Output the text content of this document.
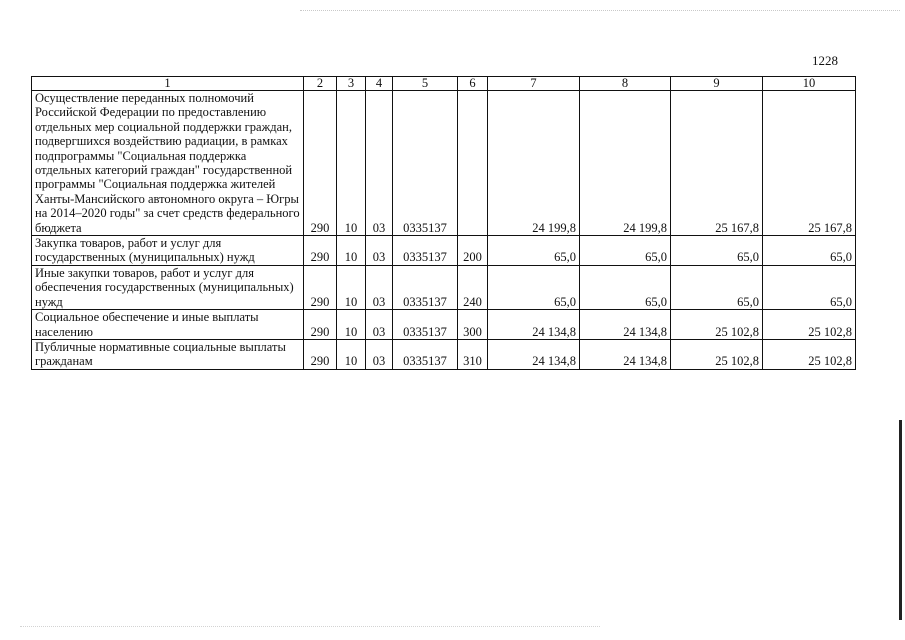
1228
1	2	3	4	5	6	7	8	9	10
Осуществление переданных полномочий Российской Федерации по предоставлению отдельных мер социальной поддержки граждан, подвергшихся воздействию радиации, в рамках подпрограммы "Социальная поддержка отдельных категорий граждан" государственной программы "Социальная поддержка жителей Ханты-Мансийского автономного округа – Югры на 2014–2020 годы" за счет средств федерального бюджета	290	10	03	0335137		24 199,8	24 199,8	25 167,8	25 167,8
Закупка товаров, работ и услуг для государственных (муниципальных) нужд	290	10	03	0335137	200	65,0	65,0	65,0	65,0
Иные закупки товаров, работ и услуг для обеспечения государственных (муниципальных) нужд	290	10	03	0335137	240	65,0	65,0	65,0	65,0
Социальное обеспечение и иные выплаты населению	290	10	03	0335137	300	24 134,8	24 134,8	25 102,8	25 102,8
Публичные нормативные социальные выплаты гражданам	290	10	03	0335137	310	24 134,8	24 134,8	25 102,8	25 102,8
